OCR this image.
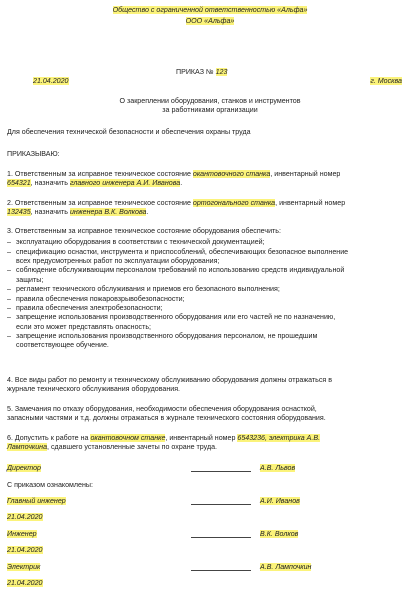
Общество с ограниченной ответственностью «Альфа»
ООО «Альфа»
ПРИКАЗ № 123
21.04.2020	г. Москва
О закреплении оборудования, станков и инструментов
за работниками организации
Для обеспечения технической безопасности и обеспечения охраны труда
ПРИКАЗЫВАЮ:

1. Ответственным за исправное техническое состояние окантовочного станка, инвентарный номер

654321, назначить главного инженера А.И. Иванова.

2. Ответственным за исправное техническое состояние ортогонального станка, инвентарный номер

132435, назначить инженера В.К. Волкова.

3. Ответственным за исправное техническое состояние оборудования обеспечить:

– эксплуатацию оборудования в соответствии с технической документацией;

– спецификацию оснастки, инструмента и приспособлений, обеспечивающих безопасное выполнение
всех предусмотренных работ по эксплуатации оборудования;

– соблюдение обслуживающим персоналом требований по использованию средств индивидуальной
защиты;

– регламент технического обслуживания и приемов его безопасного выполнения;

– правила обеспечения пожаровзрывобезопасности;

– правила обеспечения электробезопасности;

– запрещение использования производственного оборудования или его частей не по назначению,
если это может представлять опасность;

– запрещение использования производственного оборудования персоналом, не прошедшим
соответствующее обучение.

4. Все виды работ по ремонту и техническому обслуживанию оборудования должны отражаться в

журнале технического обслуживания оборудования.

5. Замечания по отказу оборудования, необходимости обеспечения оборудования оснасткой,

запасными частями и т.д. должны отражаться в журнале технического состояния оборудования.

6. Допустить к работе на окантовочном станке, инвентарный номер 6543236, электрика А.В.

Лампочкина, сдавшего установленные зачеты по охране труда.

Директор	А.В. Львов
С приказом ознакомлены:
Главный инженер	А.И. Иванов
21.04.2020
Инженер	В.К. Волков
21.04.2020
Электрик	А.В. Лампочкин
21.04.2020
